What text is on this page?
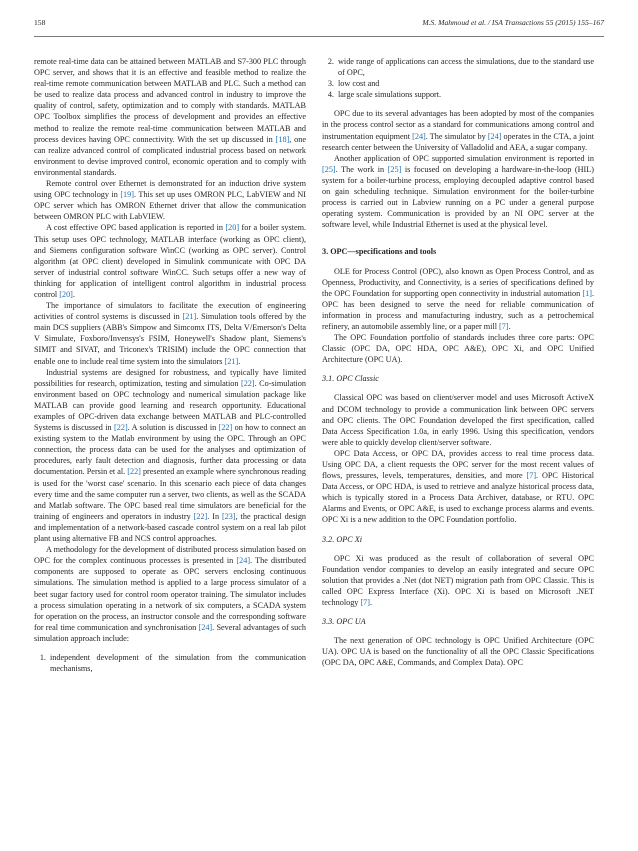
158	M.S. Mahmoud et al. / ISA Transactions 55 (2015) 155–167

remote real-time data can be attained between MATLAB and S7-300 PLC through OPC server, and shows that it is an effective and feasible method to realize the real-time remote communication between MATLAB and PLC. Such a method can be used to realize data process and advanced control in industry to improve the quality of control, safety, optimization and to comply with standards. MATLAB OPC Toolbox simplifies the process of development and provides an effective method to realize the remote real-time communication between MATLAB and process devices having OPC connectivity. With the set up discussed in [18], one can realize advanced control of complicated industrial process based on network environment to devise improved control, economic operation and to comply with environmental standards.

Remote control over Ethernet is demonstrated for an induction drive system using OPC technology in [19]. This set up uses OMRON PLC, LabVIEW and NI OPC server which has OMRON Ethernet driver that allow the communication between OMRON PLC with LabVIEW.

A cost effective OPC based application is reported in [20] for a boiler system. This setup uses OPC technology, MATLAB interface (working as OPC client), and Siemens configuration software WinCC (working as OPC server). Control algorithm (at OPC client) developed in Simulink communicate with OPC DA server of industrial control software WinCC. Such setups offer a new way of thinking for application of intelligent control algorithm in industrial process control [20].

The importance of simulators to facilitate the execution of engineering activities of control systems is discussed in [21]. Simulation tools offered by the main DCS suppliers (ABB's Simpow and Simcomx ITS, Delta V/Emerson's Delta V Simulate, Foxboro/Invensys's FSIM, Honeywell's Shadow plant, Siemens's SIMIT and SIVAT, and Triconex's TRISIM) include the OPC connection that enable one to include real time system into the simulators [21].

Industrial systems are designed for robustness, and typically have limited possibilities for research, optimization, testing and simulation [22]. Co-simulation environment based on OPC technology and numerical simulation package like MATLAB can provide good learning and research opportunity. Educational examples of OPC-driven data exchange between MATLAB and PLC-controlled Systems is discussed in [22]. A solution is discussed in [22] on how to connect an existing system to the Matlab environment by using the OPC. Through an OPC connection, the process data can be used for the analyses and optimization of procedures, early fault detection and diagnosis, further data processing or data documentation. Persin et al. [22] presented an example where synchronous reading is used for the 'worst case' scenario. In this scenario each piece of data changes every time and the same computer run a server, two clients, as well as the SCADA and Matlab software. The OPC based real time simulators are beneficial for the training of engineers and operators in industry [22]. In [23], the practical design and implementation of a network-based cascade control system on a real lab pilot plant using alternative FB and NCS control approaches.

A methodology for the development of distributed process simulation based on OPC for the complex continuous processes is presented in [24]. The distributed components are supposed to operate as OPC servers enclosing continuous simulations. The simulation method is applied to a large process simulator of a beet sugar factory used for control room operator training. The simulator includes a process simulation operating in a network of six computers, a SCADA system for operation on the process, an instructor console and the corresponding software for real time communication and synchronisation [24]. Several advantages of such simulation approach include:

1. independent development of the simulation from the communication mechanisms,
2. wide range of applications can access the simulations, due to the standard use of OPC,
3. low cost and
4. large scale simulations support.

OPC due to its several advantages has been adopted by most of the companies in the process control sector as a standard for communications among control and instrumentation equipment [24]. The simulator by [24] operates in the CTA, a joint research center between the University of Valladolid and AEA, a sugar company.

Another application of OPC supported simulation environment is reported in [25]. The work in [25] is focused on developing a hardware-in-the-loop (HIL) system for a boiler-turbine process, employing decoupled adaptive control based on gain scheduling technique. Simulation environment for the boiler-turbine process is carried out in Labview running on a PC under a general purpose operating system. Communication is provided by an NI OPC server at the software level, while Industrial Ethernet is used at the physical level.

3. OPC—specifications and tools

OLE for Process Control (OPC), also known as Open Process Control, and as Openness, Productivity, and Connectivity, is a series of specifications defined by the OPC Foundation for supporting open connectivity in industrial automation [1]. OPC has been designed to serve the need for reliable communication of information in process and manufacturing industry, such as a petrochemical refinery, an automobile assembly line, or a paper mill [7].

The OPC Foundation portfolio of standards includes three core parts: OPC Classic (OPC DA, OPC HDA, OPC A&E), OPC Xi, and OPC Unified Architecture (OPC UA).

3.1. OPC Classic

Classical OPC was based on client/server model and uses Microsoft ActiveX and DCOM technology to provide a communication link between OPC servers and OPC clients. The OPC Foundation developed the first specification, called Data Access Specification 1.0a, in early 1996. Using this specification, vendors were able to quickly develop client/server software.

OPC Data Access, or OPC DA, provides access to real time process data. Using OPC DA, a client requests the OPC server for the most recent values of flows, pressures, levels, temperatures, densities, and more [7]. OPC Historical Data Access, or OPC HDA, is used to retrieve and analyze historical process data, which is typically stored in a Process Data Archiver, database, or RTU. OPC Alarms and Events, or OPC A&E, is used to exchange process alarms and events. OPC Xi is a new addition to the OPC Foundation portfolio.

3.2. OPC Xi

OPC Xi was produced as the result of collaboration of several OPC Foundation vendor companies to develop an easily integrated and secure OPC solution that provides a .Net (dot NET) migration path from OPC Classic. This is called OPC Express Interface (Xi). OPC Xi is based on Microsoft .NET technology [7].

3.3. OPC UA

The next generation of OPC technology is OPC Unified Architecture (OPC UA). OPC UA is based on the functionality of all the OPC Classic Specifications (OPC DA, OPC A&E, Commands, and Complex Data). OPC
